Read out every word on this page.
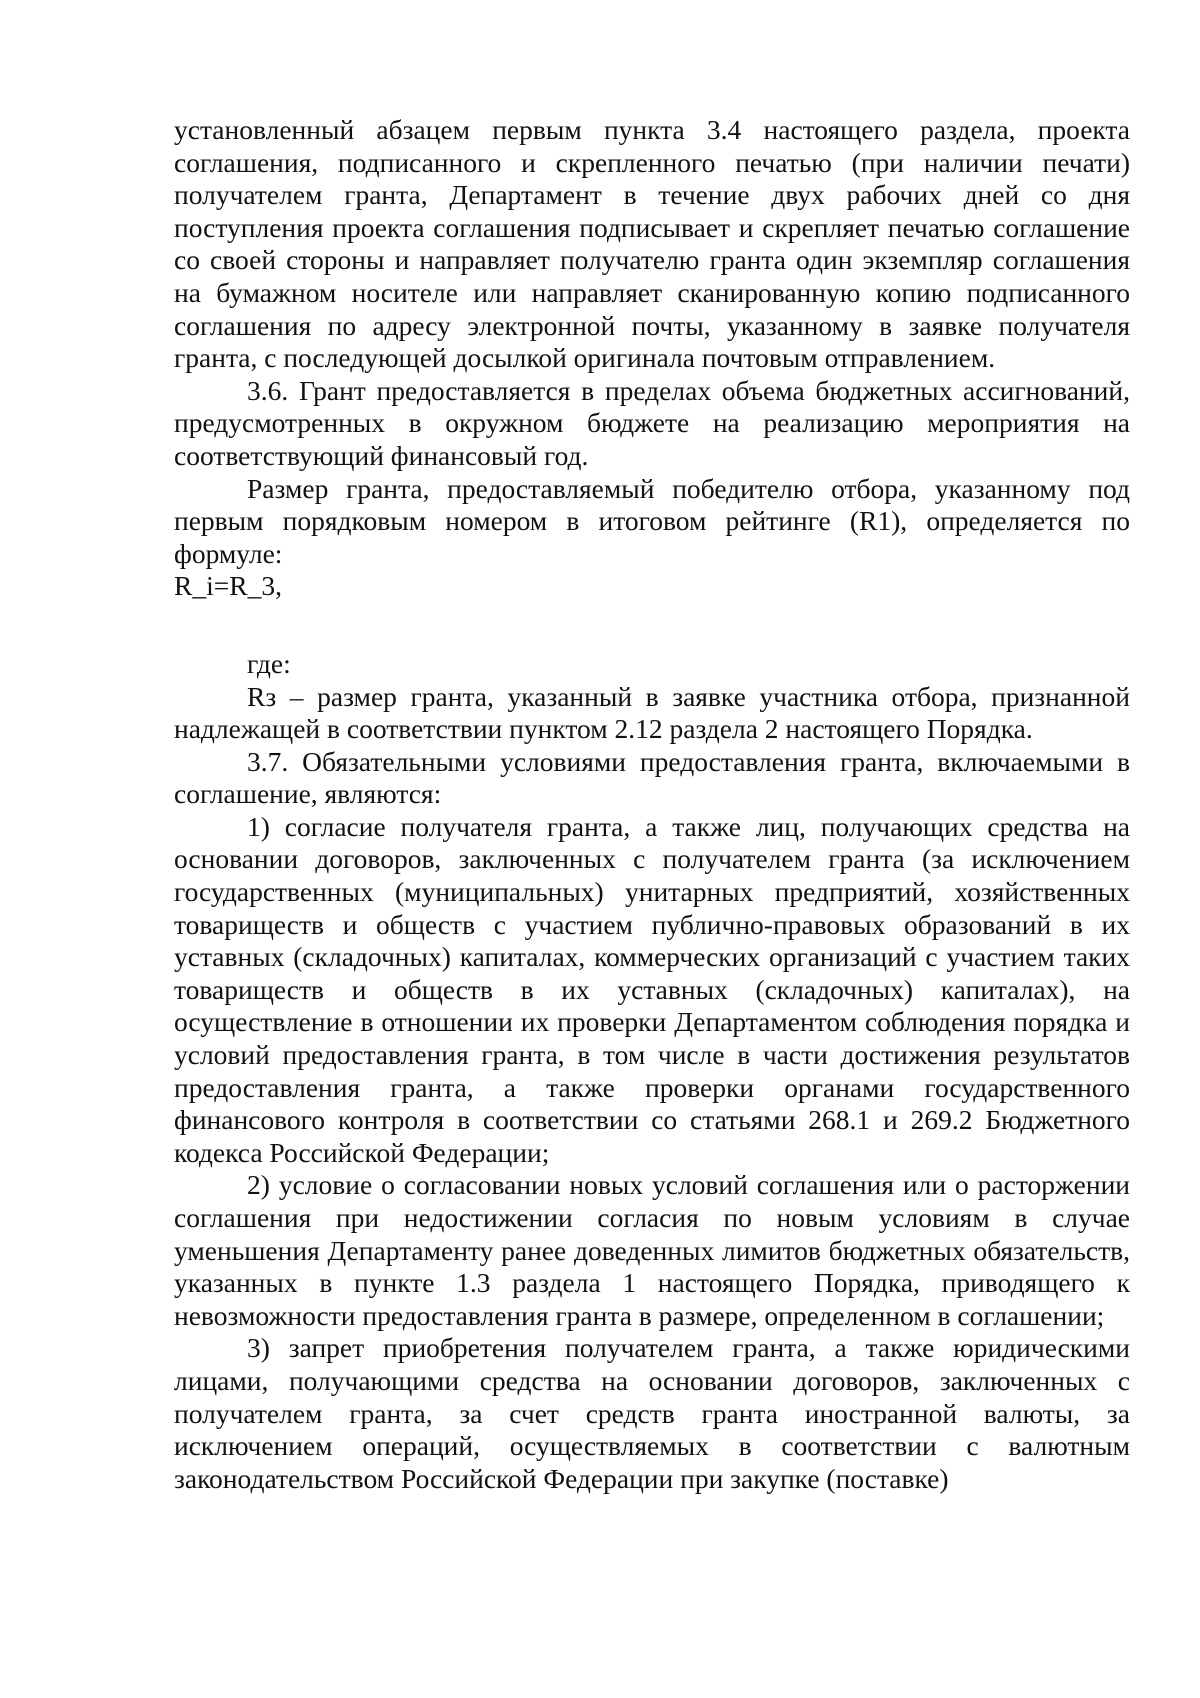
установленный абзацем первым пункта 3.4 настоящего раздела, проекта соглашения, подписанного и скрепленного печатью (при наличии печати) получателем гранта, Департамент в течение двух рабочих дней со дня поступления проекта соглашения подписывает и скрепляет печатью соглашение со своей стороны и направляет получателю гранта один экземпляр соглашения на бумажном носителе или направляет сканированную копию подписанного соглашения по адресу электронной почты, указанному в заявке получателя гранта, с последующей досылкой оригинала почтовым отправлением.

3.6. Грант предоставляется в пределах объема бюджетных ассигнований, предусмотренных в окружном бюджете на реализацию мероприятия на соответствующий финансовый год.

Размер гранта, предоставляемый победителю отбора, указанному под первым порядковым номером в итоговом рейтинге (R1), определяется по формуле:

R_i=R_3,

где:

Rз – размер гранта, указанный в заявке участника отбора, признанной надлежащей в соответствии пунктом 2.12 раздела 2 настоящего Порядка.

3.7. Обязательными условиями предоставления гранта, включаемыми в соглашение, являются:

1) согласие получателя гранта, а также лиц, получающих средства на основании договоров, заключенных с получателем гранта (за исключением государственных (муниципальных) унитарных предприятий, хозяйственных товариществ и обществ с участием публично-правовых образований в их уставных (складочных) капиталах, коммерческих организаций с участием таких товариществ и обществ в их уставных (складочных) капиталах), на осуществление в отношении их проверки Департаментом соблюдения порядка и условий предоставления гранта, в том числе в части достижения результатов предоставления гранта, а также проверки органами государственного финансового контроля в соответствии со статьями 268.1 и 269.2 Бюджетного кодекса Российской Федерации;

2) условие о согласовании новых условий соглашения или о расторжении соглашения при недостижении согласия по новым условиям в случае уменьшения Департаменту ранее доведенных лимитов бюджетных обязательств, указанных в пункте 1.3 раздела 1 настоящего Порядка, приводящего к невозможности предоставления гранта в размере, определенном в соглашении;

3) запрет приобретения получателем гранта, а также юридическими лицами, получающими средства на основании договоров, заключенных с получателем гранта, за счет средств гранта иностранной валюты, за исключением операций, осуществляемых в соответствии с валютным законодательством Российской Федерации при закупке (поставке)
